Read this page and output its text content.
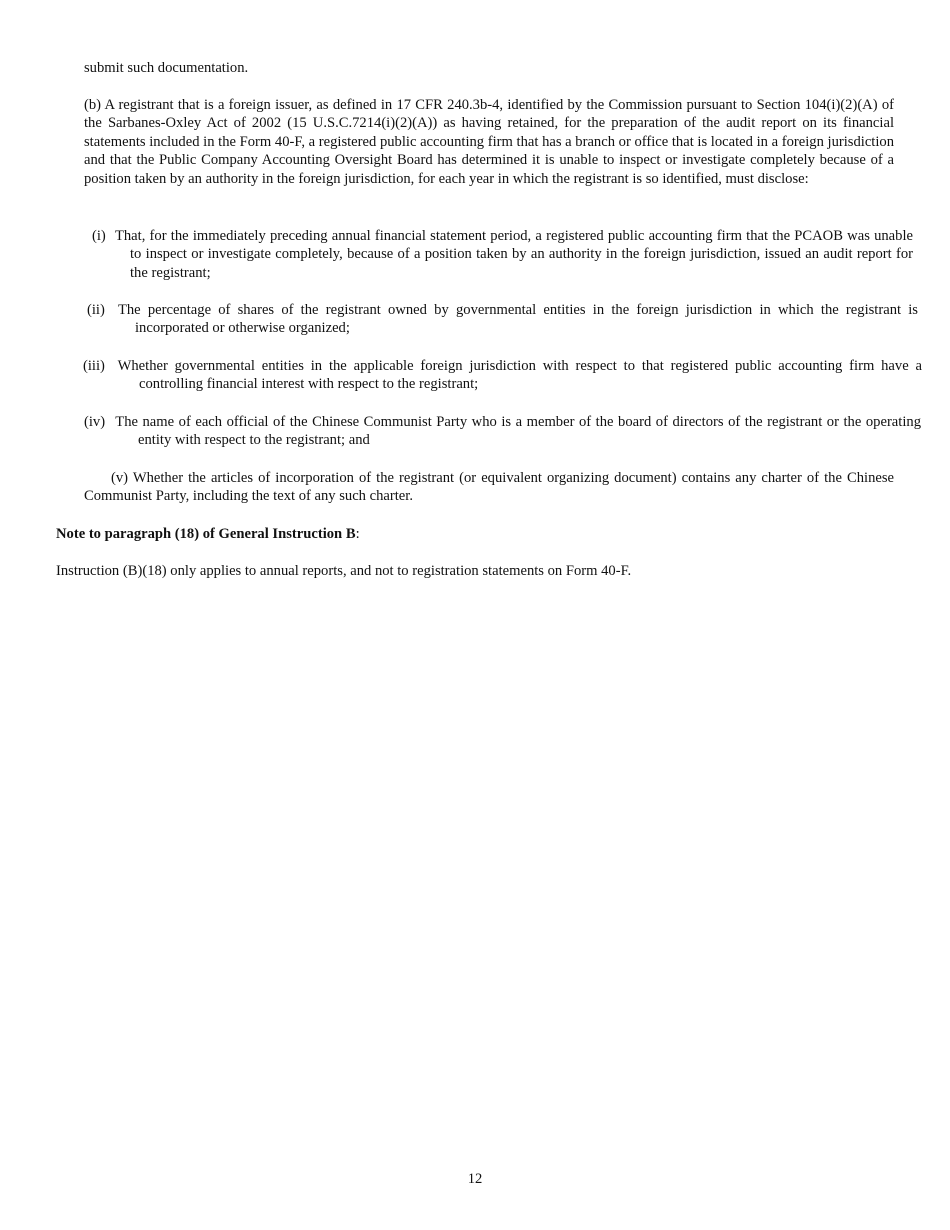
submit such documentation.

(b) A registrant that is a foreign issuer, as defined in 17 CFR 240.3b-4, identified by the Commission pursuant to Section 104(i)(2)(A) of the Sarbanes-Oxley Act of 2002 (15 U.S.C.7214(i)(2)(A)) as having retained, for the preparation of the audit report on its financial statements included in the Form 40-F, a registered public accounting firm that has a branch or office that is located in a foreign jurisdiction and that the Public Company Accounting Oversight Board has determined it is unable to inspect or investigate completely because of a position taken by an authority in the foreign jurisdiction, for each year in which the registrant is so identified, must disclose:

(i) That, for the immediately preceding annual financial statement period, a registered public accounting firm that the PCAOB was unable to inspect or investigate completely, because of a position taken by an authority in the foreign jurisdiction, issued an audit report for the registrant;
(ii) The percentage of shares of the registrant owned by governmental entities in the foreign jurisdiction in which the registrant is incorporated or otherwise organized;
(iii) Whether governmental entities in the applicable foreign jurisdiction with respect to that registered public accounting firm have a controlling financial interest with respect to the registrant;
(iv) The name of each official of the Chinese Communist Party who is a member of the board of directors of the registrant or the operating entity with respect to the registrant; and

(v) Whether the articles of incorporation of the registrant (or equivalent organizing document) contains any charter of the Chinese Communist Party, including the text of any such charter.

Note to paragraph (18) of General Instruction B:

Instruction (B)(18) only applies to annual reports, and not to registration statements on Form 40-F.

12
